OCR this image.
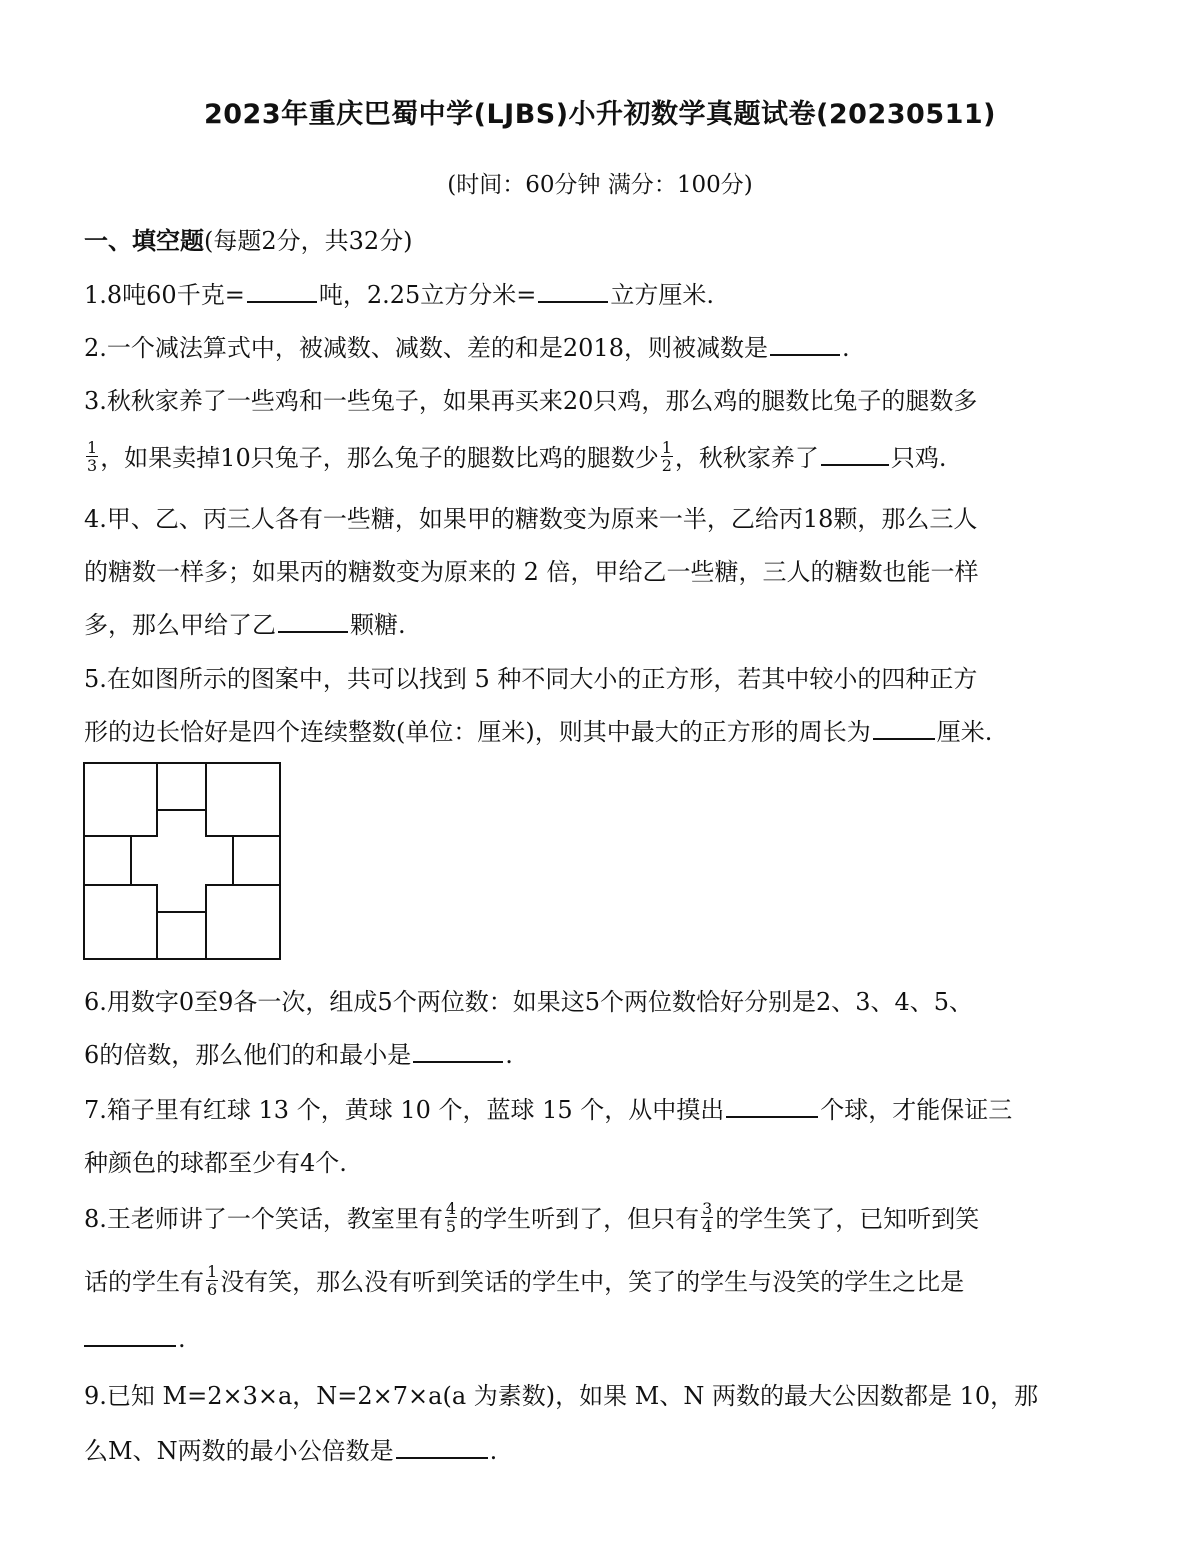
2023年重庆巴蜀中学(LJBS)小升初数学真题试卷(20230511)
(时间：60分钟 满分：100分)
一、填空题(每题2分，共32分)
1.8吨60千克=	吨，2.25立方分米=	立方厘米.
2.一个减法算式中，被减数、减数、差的和是2018，则被减数是	.
3.秋秋家养了一些鸡和一些兔子，如果再买来20只鸡，那么鸡的腿数比兔子的腿数多
$\frac{1}{3}$ ，如果卖掉10只兔子，那么兔子的腿数比鸡的腿数少 $\frac{1}{2}$ ，秋秋家养了	只鸡.
4.甲、乙、丙三人各有一些糖，如果甲的糖数变为原来一半，乙给丙18颗，那么三人
的糖数一样多；如果丙的糖数变为原来的 2 倍，甲给乙一些糖，三人的糖数也能一样
多，那么甲给了乙	颗糖.
5.在如图所示的图案中，共可以找到 5 种不同大小的正方形，若其中较小的四种正方
形的边长恰好是四个连续整数(单位：厘米)，则其中最大的正方形的周长为	厘米.
6.用数字0至9各一次，组成5个两位数：如果这5个两位数恰好分别是2、3、4、5、
6的倍数，那么他们的和最小是	.
7.箱子里有红球 13 个，黄球 10 个，蓝球 15 个，从中摸出	个球，才能保证三
种颜色的球都至少有4个.
8.王老师讲了一个笑话，教室里有 $\frac{4}{5}$ 的学生听到了，但只有 $\frac{3}{4}$ 的学生笑了，已知听到笑
话的学生有 $\frac{1}{6}$ 没有笑，那么没有听到笑话的学生中，笑了的学生与没笑的学生之比是
.
9.已知 M=2×3×a，N=2×7×a(a 为素数)，如果 M、N 两数的最大公因数都是 10，那
么M、N两数的最小公倍数是	.
